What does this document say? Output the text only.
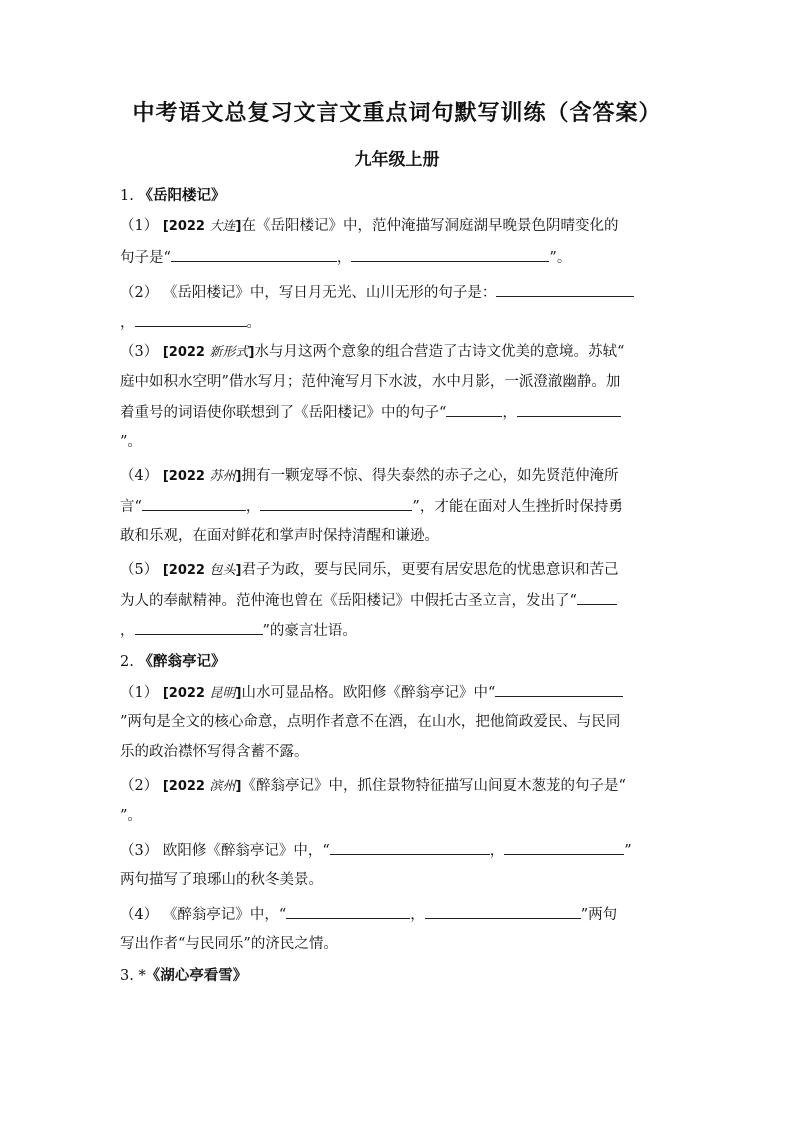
中考语文总复习文言文重点词句默写训练（含答案）
九年级上册
1. 《岳阳楼记》
（1） [2022 大连]在《岳阳楼记》中，范仲淹描写洞庭湖早晚景色阴晴变化的
句子是“	，	”。
（2） 《岳阳楼记》中，写日月无光、山川无形的句子是：
，	。
（3） [2022 新形式]水与月这两个意象的组合营造了古诗文优美的意境。苏轼“
庭中如积水空明”借水写月；范仲淹写月下水波，水中月影，一派澄澈幽静。加
着重号的词语使你联想到了《岳阳楼记》中的句子“	，
”。
（4） [2022 苏州]拥有一颗宠辱不惊、得失泰然的赤子之心，如先贤范仲淹所
言“	，	”，才能在面对人生挫折时保持勇
敢和乐观，在面对鲜花和掌声时保持清醒和谦逊。
（5） [2022 包头]君子为政，要与民同乐，更要有居安思危的忧患意识和苦己
为人的奉献精神。范仲淹也曾在《岳阳楼记》中假托古圣立言，发出了“
，	”的豪言壮语。
2. 《醉翁亭记》
（1） [2022 昆明]山水可显品格。欧阳修《醉翁亭记》中“
”两句是全文的核心命意，点明作者意不在酒，在山水，把他简政爱民、与民同
乐的政治襟怀写得含蓄不露。
（2） [2022 滨州]《醉翁亭记》中，抓住景物特征描写山间夏木葱茏的句子是“
”。
（3） 欧阳修《醉翁亭记》中，“	，	”
两句描写了琅琊山的秋冬美景。
（4） 《醉翁亭记》中，“	，	”两句
写出作者“与民同乐”的济民之情。
3. *《湖心亭看雪》
